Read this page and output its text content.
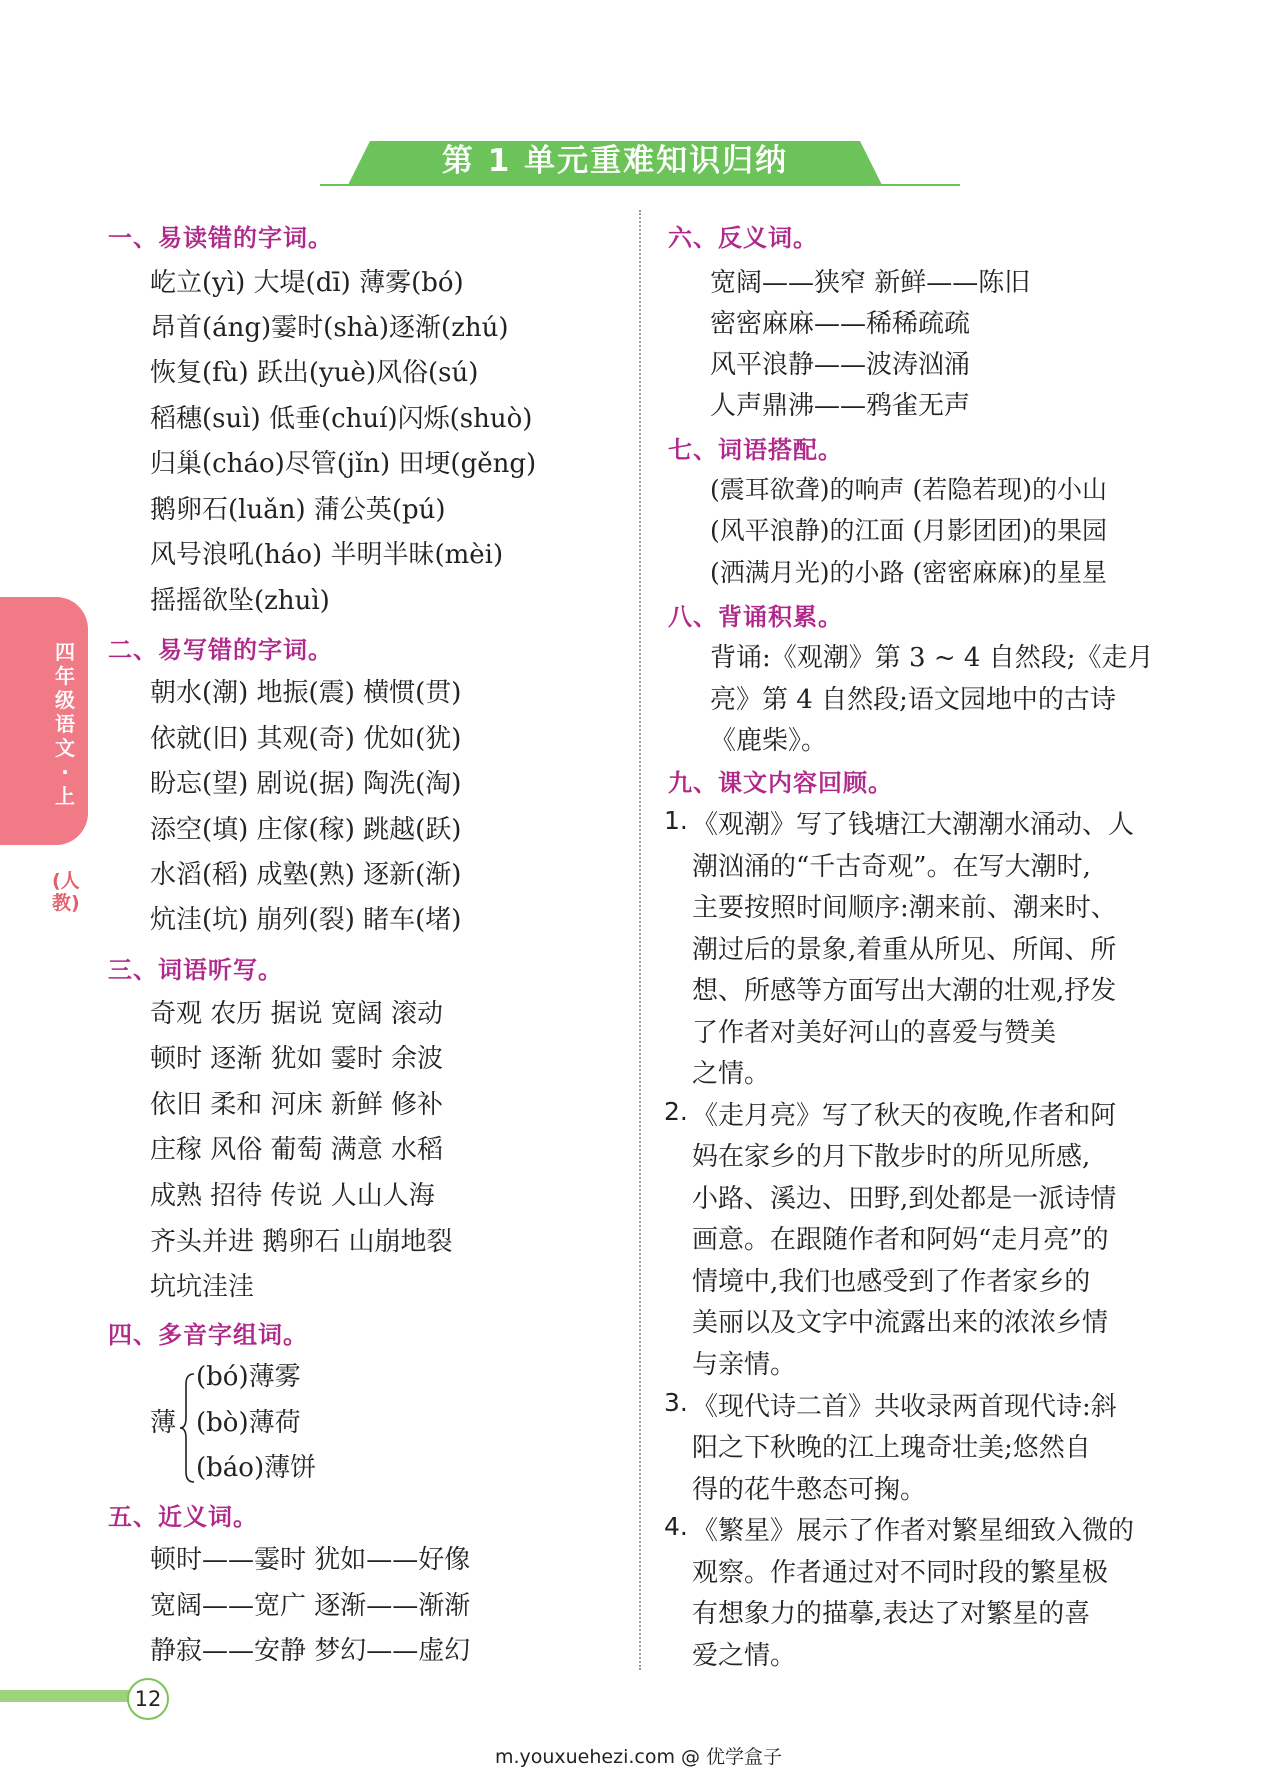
第 1 单元重难知识归纳
四年级语文·上
(人教)
一、易读错的字词。
屹立(yì) 大堤(dī) 薄雾(bó)
昂首(áng)霎时(shà)逐渐(zhú)
恢复(fù) 跃出(yuè)风俗(sú)
稻穗(suì) 低垂(chuí)闪烁(shuò)
归巢(cháo)尽管(jǐn) 田埂(gěng)
鹅卵石(luǎn) 蒲公英(pú)
风号浪吼(háo) 半明半昧(mèi)
摇摇欲坠(zhuì)
二、易写错的字词。
朝水(潮) 地振(震) 横惯(贯)
依就(旧) 其观(奇) 优如(犹)
盼忘(望) 剧说(据) 陶洗(淘)
添空(填) 庄傢(稼) 跳越(跃)
水滔(稻) 成塾(熟) 逐新(渐)
炕洼(坑) 崩列(裂) 睹车(堵)
三、词语听写。
奇观 农历 据说 宽阔 滚动
顿时 逐渐 犹如 霎时 余波
依旧 柔和 河床 新鲜 修补
庄稼 风俗 葡萄 满意 水稻
成熟 招待 传说 人山人海
齐头并进 鹅卵石 山崩地裂
坑坑洼洼
四、多音字组词。
薄
(bó)薄雾
(bò)薄荷
(báo)薄饼
五、近义词。
顿时——霎时 犹如——好像
宽阔——宽广 逐渐——渐渐
静寂——安静 梦幻——虚幻
六、反义词。
宽阔——狭窄 新鲜——陈旧
密密麻麻——稀稀疏疏
风平浪静——波涛汹涌
人声鼎沸——鸦雀无声
七、词语搭配。
(震耳欲聋)的响声 (若隐若现)的小山
(风平浪静)的江面 (月影团团)的果园
(洒满月光)的小路 (密密麻麻)的星星
八、背诵积累。
背诵:《观潮》第 3 ~ 4 自然段;《走月
亮》第 4 自然段;语文园地中的古诗
《鹿柴》。
九、课文内容回顾。
1. 《观潮》写了钱塘江大潮潮水涌动、人
潮汹涌的“千古奇观”。在写大潮时,
主要按照时间顺序:潮来前、潮来时、
潮过后的景象,着重从所见、所闻、所
想、所感等方面写出大潮的壮观,抒发
了作者对美好河山的喜爱与赞美
之情。
2. 《走月亮》写了秋天的夜晚,作者和阿
妈在家乡的月下散步时的所见所感,
小路、溪边、田野,到处都是一派诗情
画意。在跟随作者和阿妈“走月亮”的
情境中,我们也感受到了作者家乡的
美丽以及文字中流露出来的浓浓乡情
与亲情。
3. 《现代诗二首》共收录两首现代诗:斜
阳之下秋晚的江上瑰奇壮美;悠然自
得的花牛憨态可掬。
4. 《繁星》展示了作者对繁星细致入微的
观察。作者通过对不同时段的繁星极
有想象力的描摹,表达了对繁星的喜
爱之情。
12
m.youxuehezi.com @ 优学盒子
